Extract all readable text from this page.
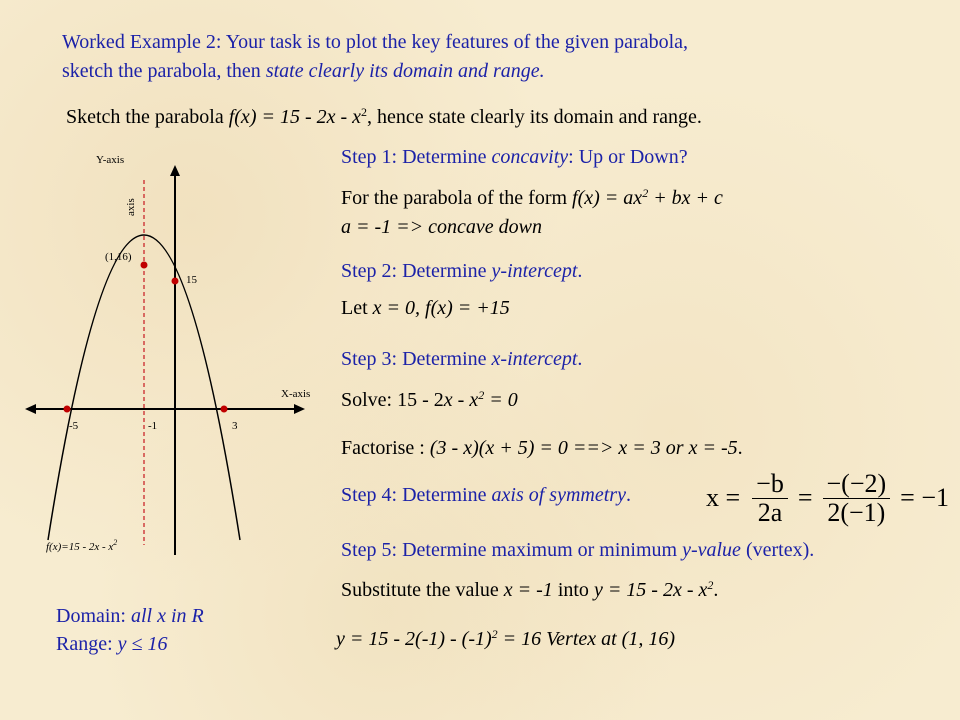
Worked Example 2: Your task is to plot the key features of the given parabola,
sketch the parabola, then state clearly its domain and range.
Sketch the parabola $f(x) = 15 - 2x - x^2$, hence state clearly its domain and range.
Y-axis
X-axis
axis
(1,16)
15
-5	-1	3
$f(x)=15 - 2x - x^2$
Step 1: Determine concavity: Up or Down?
For the parabola of the form $f(x) = ax^2$ + bx + c
a = -1 => concave down
Step 2: Determine y-intercept.
Let x = 0, f(x) = +15
Step 3: Determine x-intercept.
Solve: $15 - 2x - x^2 = 0$
Factorise : (3 - x)(x + 5) = 0 ==> x = 3 or x = -5.
Step 4: Determine axis of symmetry.	$x = \frac{-b}{2a} = \frac{-(-2)}{2(-1)} = -1$
Step 5: Determine maximum or minimum y-value (vertex).
Substitute the value x = -1 into $y = 15 - 2x - x^2$.
$y = 15 - 2(-1) - (-1)^2 = 16$ Vertex at (1, 16)
Domain: all x in R
Range: y ≤ 16
